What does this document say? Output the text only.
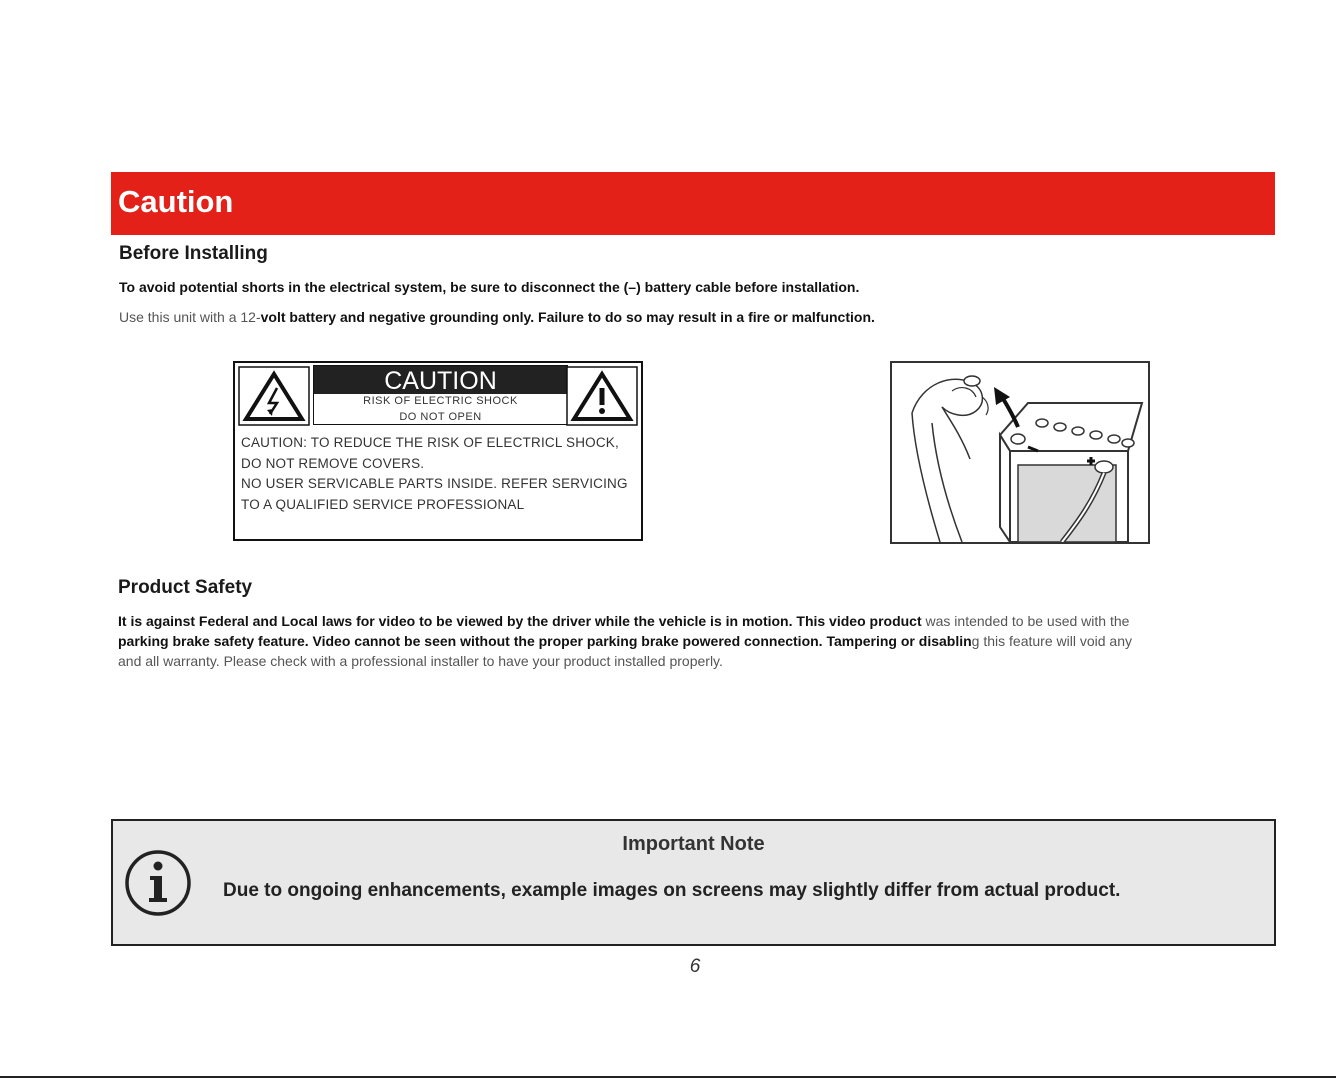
Caution
Before Installing

To avoid potential shorts in the electrical system, be sure to disconnect the (–) battery cable before installation.

Use this unit with a 12-volt battery and negative grounding only. Failure to do so may result in a fire or malfunction.

CAUTION
RISK OF ELECTRIC SHOCK
DO NOT OPEN
CAUTION: TO REDUCE THE RISK OF ELECTRICL SHOCK,
DO NOT REMOVE COVERS.
NO USER SERVICABLE PARTS INSIDE. REFER SERVICING
TO A QUALIFIED SERVICE PROFESSIONAL
Product Safety

It is against Federal and Local laws for video to be viewed by the driver while the vehicle is in motion. This video product was intended to be used with the

parking brake safety feature. Video cannot be seen without the proper parking brake powered connection. Tampering or disabling this feature will void any

and all warranty. Please check with a professional installer to have your product installed properly.

Important Note

Due to ongoing enhancements, example images on screens may slightly differ from actual product.

6
